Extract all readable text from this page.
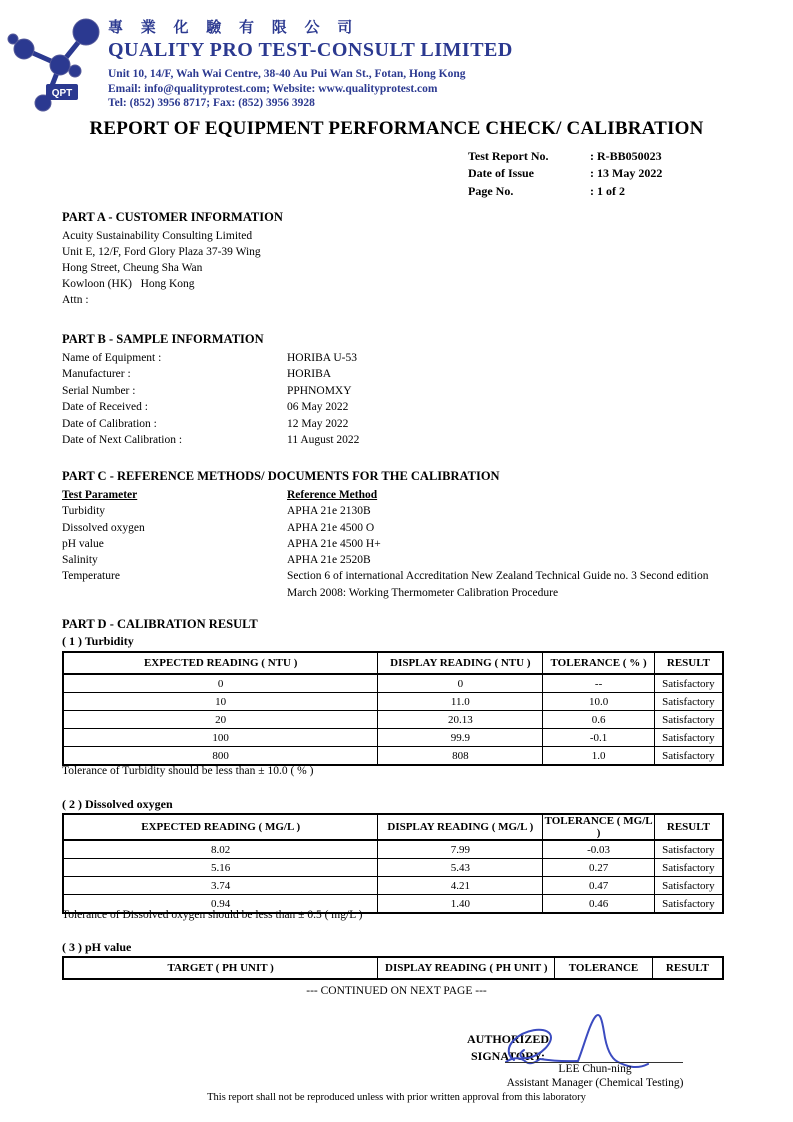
QPT
專 業 化 驗 有 限 公 司
QUALITY PRO TEST-CONSULT LIMITED
Unit 10, 14/F, Wah Wai Centre, 38-40 Au Pui Wan St., Fotan, Hong Kong
Email: info@qualityprotest.com; Website: www.qualityprotest.com
Tel: (852) 3956 8717; Fax: (852) 3956 3928
REPORT OF EQUIPMENT PERFORMANCE CHECK/ CALIBRATION
Test Report No.	: R-BB050023
Date of Issue	: 13 May 2022
Page No.	: 1 of 2
PART A - CUSTOMER INFORMATION
Acuity Sustainability Consulting Limited
Unit E, 12/F, Ford Glory Plaza 37-39 Wing
Hong Street, Cheung Sha Wan
Kowloon (HK)   Hong Kong
Attn :
PART B - SAMPLE INFORMATION
Name of Equipment :	HORIBA U-53
Manufacturer :	HORIBA
Serial Number :	PPHNOMXY
Date of Received :	06 May 2022
Date of Calibration :	12 May 2022
Date of Next Calibration :	11 August 2022
PART C - REFERENCE METHODS/ DOCUMENTS FOR THE CALIBRATION
Test Parameter	Reference Method
Turbidity	APHA 21e 2130B
Dissolved oxygen	APHA 21e 4500 O
pH value	APHA 21e 4500 H+
Salinity	APHA 21e 2520B
Temperature	Section 6 of international Accreditation New Zealand Technical Guide no. 3 Second edition March 2008: Working Thermometer Calibration Procedure
PART D - CALIBRATION RESULT
( 1 ) Turbidity
EXPECTED READING ( NTU )	DISPLAY READING ( NTU )	TOLERANCE ( % )	RESULT
0	0	--	Satisfactory
10	11.0	10.0	Satisfactory
20	20.13	0.6	Satisfactory
100	99.9	-0.1	Satisfactory
800	808	1.0	Satisfactory
Tolerance of Turbidity should be less than ± 10.0 ( % )
( 2 ) Dissolved oxygen
EXPECTED READING ( MG/L )	DISPLAY READING ( MG/L )	TOLERANCE ( MG/L )	RESULT
8.02	7.99	-0.03	Satisfactory
5.16	5.43	0.27	Satisfactory
3.74	4.21	0.47	Satisfactory
0.94	1.40	0.46	Satisfactory
Tolerance of Dissolved oxygen should be less than ± 0.5 ( mg/L )
( 3 ) pH value
TARGET ( PH UNIT )	DISPLAY READING ( PH UNIT )	TOLERANCE	RESULT
--- CONTINUED ON NEXT PAGE ---
AUTHORIZED
SIGNATORY:
LEE Chun-ning
Assistant Manager (Chemical Testing)
This report shall not be reproduced unless with prior written approval from this laboratory
